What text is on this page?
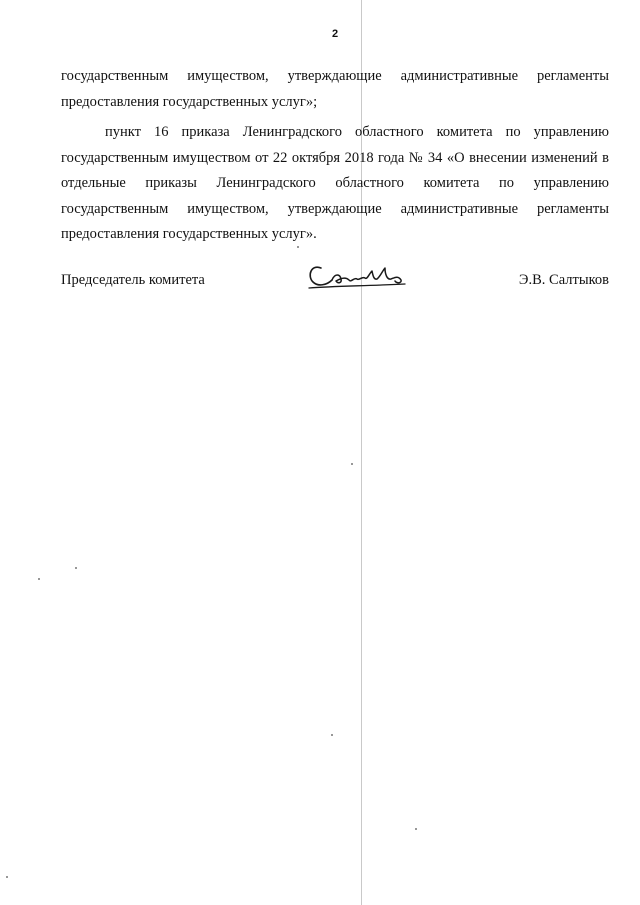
2

государственным имуществом, утверждающие административные регламенты предоставления государственных услуг»;

пункт 16 приказа Ленинградского областного комитета по управлению государственным имуществом от 22 октября 2018 года № 34 «О внесении изменений в отдельные приказы Ленинградского областного комитета по управлению государственным имуществом, утверждающие административные регламенты предоставления государственных услуг».

Председатель комитета	Э.В. Салтыков
